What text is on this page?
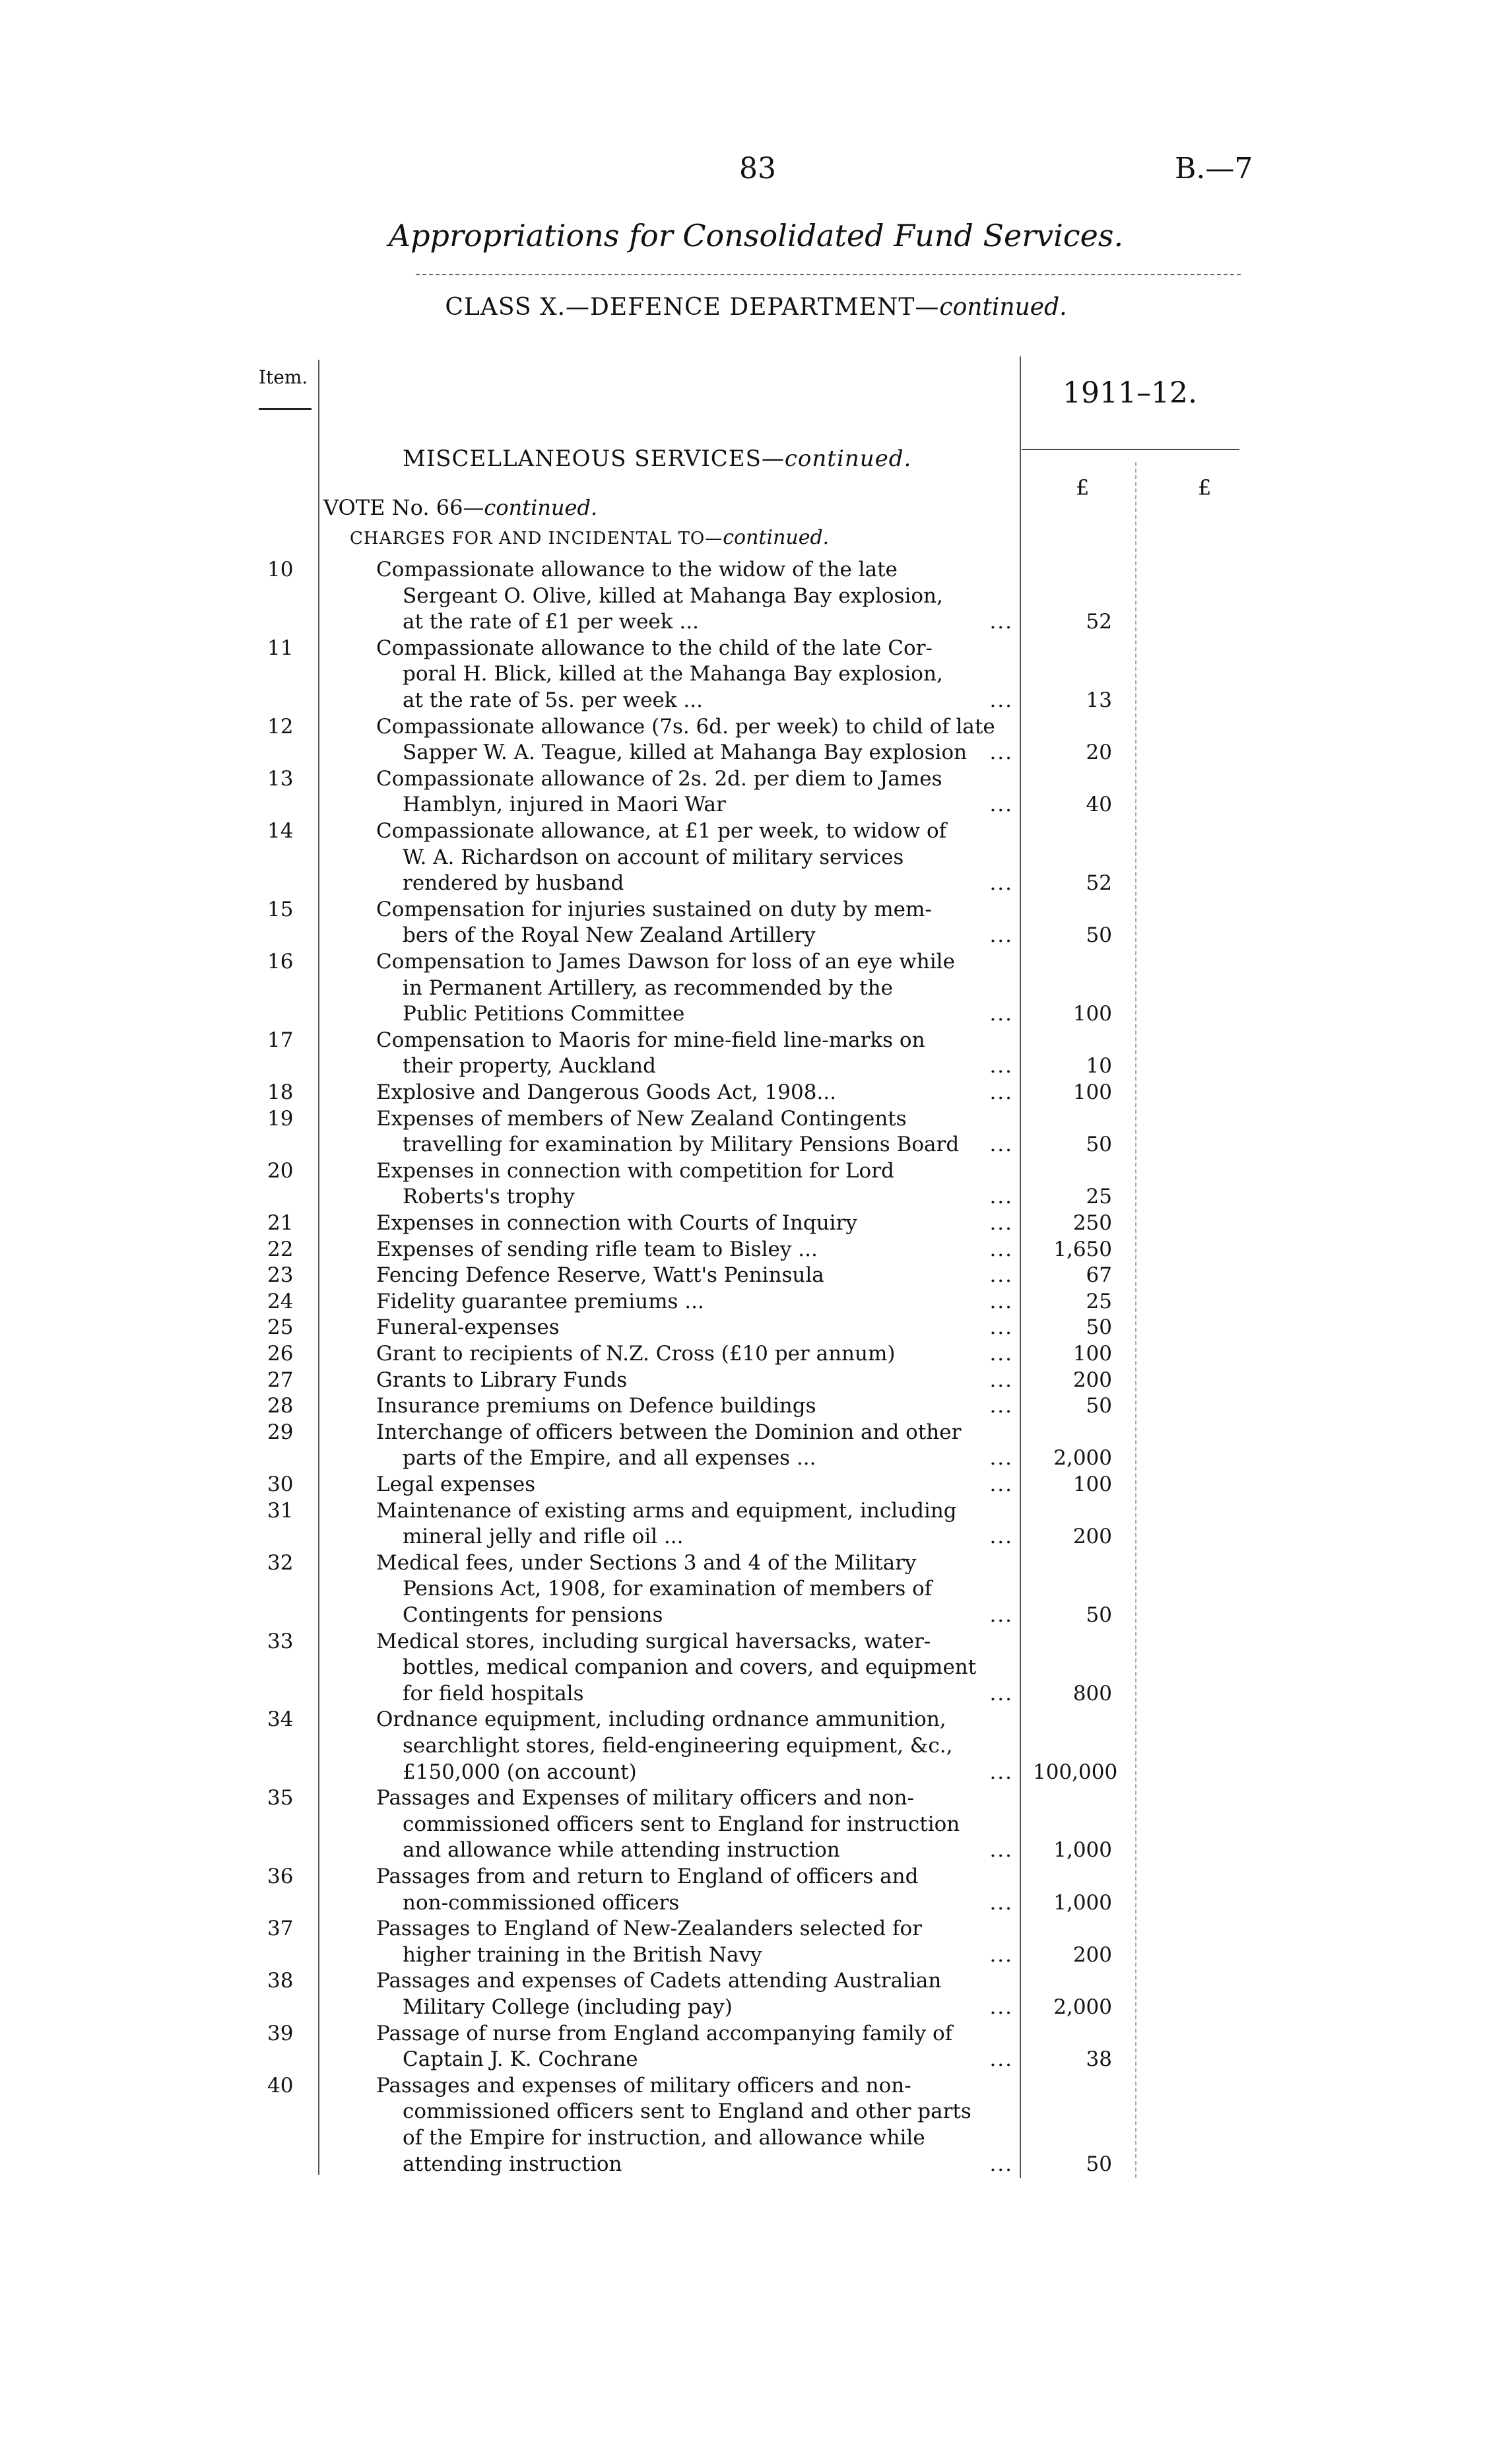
83	B.—7
Appropriations for Consolidated Fund Services.
CLASS X.—DEFENCE DEPARTMENT—continued.
Item.	1911–12.
£	£
MISCELLANEOUS SERVICES—continued.
VOTE No. 66—continued.
CHARGES FOR AND INCIDENTAL TO—continued.
10	Compassionate allowance to the widow of the late
Sergeant O. Olive, killed at Mahanga Bay explosion,
at the rate of £1 per week ...	...	52
11	Compassionate allowance to the child of the late Cor-
poral H. Blick, killed at the Mahanga Bay explosion,
at the rate of 5s. per week ...	...	13
12	Compassionate allowance (7s. 6d. per week) to child of late
Sapper W. A. Teague, killed at Mahanga Bay explosion ...	20
13	Compassionate allowance of 2s. 2d. per diem to James
Hamblyn, injured in Maori War	...	40
14	Compassionate allowance, at £1 per week, to widow of
W. A. Richardson on account of military services
rendered by husband	...	52
15	Compensation for injuries sustained on duty by mem-
bers of the Royal New Zealand Artillery	...	50
16	Compensation to James Dawson for loss of an eye while
in Permanent Artillery, as recommended by the
Public Petitions Committee	...	100
17	Compensation to Maoris for mine-field line-marks on
their property, Auckland	...	10
18	Explosive and Dangerous Goods Act, 1908...	...	100
19	Expenses of members of New Zealand Contingents
travelling for examination by Military Pensions Board ...	50
20	Expenses in connection with competition for Lord
Roberts's trophy	...	25
21	Expenses in connection with Courts of Inquiry	...	250
22	Expenses of sending rifle team to Bisley ...	...	1,650
23	Fencing Defence Reserve, Watt's Peninsula	...	67
24	Fidelity guarantee premiums ...	...	25
25	Funeral-expenses	...	50
26	Grant to recipients of N.Z. Cross (£10 per annum)	...	100
27	Grants to Library Funds	...	200
28	Insurance premiums on Defence buildings	...	50
29	Interchange of officers between the Dominion and other
parts of the Empire, and all expenses ...	...	2,000
30	Legal expenses	...	100
31	Maintenance of existing arms and equipment, including
mineral jelly and rifle oil ...	...	200
32	Medical fees, under Sections 3 and 4 of the Military
Pensions Act, 1908, for examination of members of
Contingents for pensions	...	50
33	Medical stores, including surgical haversacks, water-
bottles, medical companion and covers, and equipment
for field hospitals	...	800
34	Ordnance equipment, including ordnance ammunition,
searchlight stores, field-engineering equipment, &c.,
£150,000 (on account)	... 100,000
35	Passages and Expenses of military officers and non-
commissioned officers sent to England for instruction
and allowance while attending instruction	...	1,000
36	Passages from and return to England of officers and
non-commissioned officers	...	1,000
37	Passages to England of New-Zealanders selected for
higher training in the British Navy	...	200
38	Passages and expenses of Cadets attending Australian
Military College (including pay)	...	2,000
39	Passage of nurse from England accompanying family of
Captain J. K. Cochrane	...	38
40	Passages and expenses of military officers and non-
commissioned officers sent to England and other parts
of the Empire for instruction, and allowance while
attending instruction	...	50
